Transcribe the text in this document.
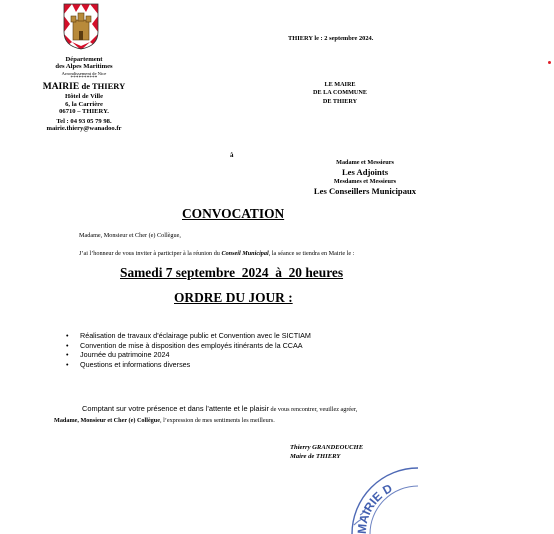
Département
des Alpes Maritimes
Arrondissement de Nice
**********
MAIRIE de THIERY
Hôtel de Ville
6, la Carrière
06710 – THIERY.
Tel : 04 93 05 79 98.
mairie.thiery@wanadoo.fr
THIERY le : 2 septembre 2024.
LE MAIRE
DE LA COMMUNE
DE THIERY
à
Madame et Messieurs
Les Adjoints
Mesdames et Messieurs
Les Conseillers Municipaux
CONVOCATION
Madame, Monsieur et Cher (e) Collègue,
J’ai l’honneur de vous inviter à participer à la réunion du Conseil Municipal, la séance se tiendra en Mairie le :
Samedi 7 septembre  2024  à  20 heures
ORDRE DU JOUR :
• Réalisation de travaux d’éclairage public et Convention avec le SICTIAM
• Convention de mise à disposition des employés itinérants de la CCAA
• Journée du patrimoine 2024
• Questions et informations diverses
Comptant sur votre présence et dans l’attente et le plaisir de vous rencontrer, veuillez agréer,
Madame, Monsieur et Cher (e) Collègue, l’expression de mes sentiments les meilleurs.
Thierry GRANDEOUCHE
Maire de THIERY
MAIRIE D
